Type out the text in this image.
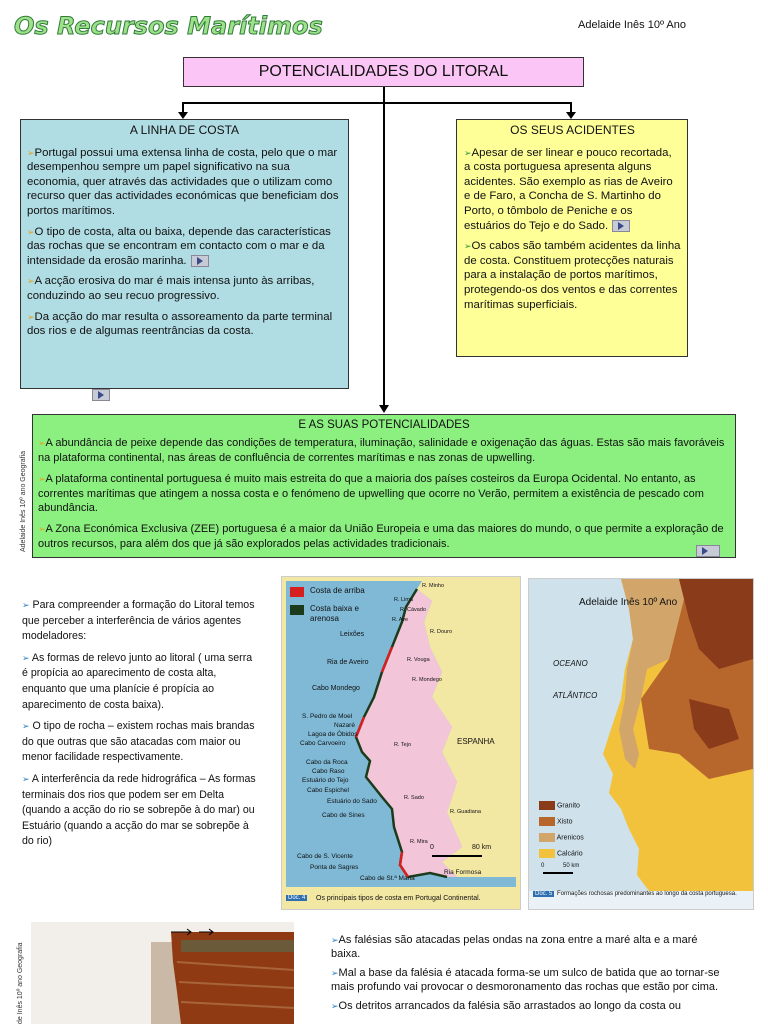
Os Recursos Marítimos	Adelaide Inês 10º Ano
POTENCIALIDADES DO LITORAL
A LINHA DE COSTA

➢Portugal possui uma extensa linha de costa, pelo que o mar desempenhou sempre um papel significativo na sua economia, quer através das actividades que o utilizam como recurso quer das actividades económicas que beneficiam dos portos marítimos.

➢O tipo de costa, alta ou baixa, depende das características das rochas que se encontram em contacto com o mar e da intensidade da erosão marinha.

➢A acção erosiva do mar é mais intensa junto às arribas, conduzindo ao seu recuo progressivo.

➢Da acção do mar resulta o assoreamento da parte terminal dos rios e de algumas reentrâncias da costa.

OS SEUS ACIDENTES

➢Apesar de ser linear e pouco recortada, a costa portuguesa apresenta alguns acidentes. São exemplo as rias de Aveiro e de Faro, a Concha de S. Martinho do Porto, o tômbolo de Peniche e os estuários do Tejo e do Sado.

➢Os cabos são também acidentes da linha de costa. Constituem protecções naturais para a instalação de portos marítimos, protegendo-os dos ventos e das correntes marítimas superficiais.

Adelaide Inês 10º ano Geografia
E AS SUAS POTENCIALIDADES

➢A abundância de peixe depende das condições de temperatura, iluminação, salinidade e oxigenação das águas. Estas são mais favoráveis na plataforma continental, nas áreas de confluência de correntes marítimas e nas zonas de upwelling.

➢A plataforma continental portuguesa é muito mais estreita do que a maioria dos países costeiros da Europa Ocidental. No entanto, as correntes marítimas que atingem a nossa costa e o fenómeno de upwelling que ocorre no Verão, permitem a existência de pescado com abundância.

➢A Zona Económica Exclusiva (ZEE) portuguesa é a maior da União Europeia e uma das maiores do mundo, o que permite a exploração de outros recursos, para além dos que já são explorados pelas actividades tradicionais.

➢ Para compreender a formação do Litoral temos que perceber a interferência de vários agentes modeladores:

➢ As formas de relevo junto ao litoral ( uma serra é propícia ao aparecimento de costa alta, enquanto que uma planície é propícia ao aparecimento de costa baixa).

➢ O tipo de rocha – existem rochas mais brandas do que outras que são atacadas com maior ou menor facilidade respectivamente.

➢ A interferência da rede hidrográfica – As formas terminais dos rios que podem ser em Delta (quando a acção do rio se sobrepõe à do mar) ou Estuário (quando a acção do mar se sobrepõe à do rio)

Costa de arriba
Costa baixa e arenosa
ESPANHA
Leixões
Ria de Aveiro
Cabo Mondego
S. Pedro de Moel
Nazaré
Lagoa de Óbidos
Cabo Carvoeiro
Cabo da Roca
Cabo Raso
Estuário do Tejo
Cabo Espichel
Estuário do Sado
Cabo de Sines
Cabo de S. Vicente
Ponta de Sagres
Cabo de St.ª Maria
Ria Formosa
R. Minho
R. Lima
R. Cávado
R. Ave
R. Douro
R. Vouga
R. Mondego
R. Tejo
R. Sado
R. Mira
R. Guadiana
0	80 km
Doc. 4 Os principais tipos de costa em Portugal Continental.
Adelaide Inês 10º Ano
OCEANO
ATLÂNTICO
Granito
Xisto
Arenicos
Calcário
0	50 km
Doc. 5 Formações rochosas predominantes ao longo da costa portuguesa.
de Inês 10º ano Geografia

➢As falésias são atacadas pelas ondas na zona entre a maré alta e a maré baixa.

➢Mal a base da falésia é atacada forma-se um sulco de batida que ao tornar-se mais profundo vai provocar o desmoronamento das rochas que estão por cima.

➢Os detritos arrancados da falésia são arrastados ao longo da costa ou
